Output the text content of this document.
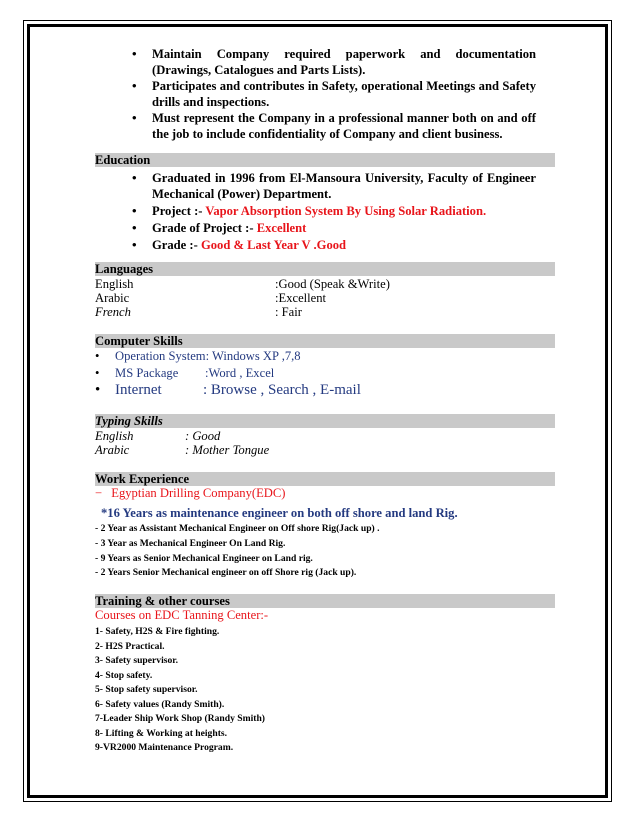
• Maintain Company required paperwork and documentation (Drawings, Catalogues and Parts Lists).
• Participates and contributes in Safety, operational Meetings and Safety drills and inspections.
• Must represent the Company in a professional manner both on and off the job to include confidentiality of Company and client business.
Education
• Graduated in 1996 from El-Mansoura University, Faculty of Engineer Mechanical (Power) Department.
• Project :- Vapor Absorption System By Using Solar Radiation.
• Grade of Project :- Excellent
• Grade :- Good & Last Year V .Good
Languages
English	:Good (Speak &Write)
Arabic	:Excellent
French	: Fair
Computer Skills
• Operation System: Windows XP ,7,8
• MS Package :Word , Excel
• Internet	: Browse , Search , E-mail
Typing Skills
English	: Good
Arabic	: Mother Tongue
Work Experience
− Egyptian Drilling Company(EDC)
*16 Years as maintenance engineer on both off shore and land Rig.
- 2 Year as Assistant Mechanical Engineer on Off shore Rig(Jack up) .
- 3 Year as Mechanical Engineer On Land Rig.
- 9 Years as Senior Mechanical Engineer on Land rig.
- 2 Years Senior Mechanical engineer on off Shore rig (Jack up).
Training & other courses
Courses on EDC Tanning Center:-
1- Safety, H2S & Fire fighting.
2- H2S Practical.
3- Safety supervisor.
4- Stop safety.
5- Stop safety supervisor.
6- Safety values (Randy Smith).
7-Leader Ship Work Shop (Randy Smith)
8- Lifting & Working at heights.
9-VR2000 Maintenance Program.
